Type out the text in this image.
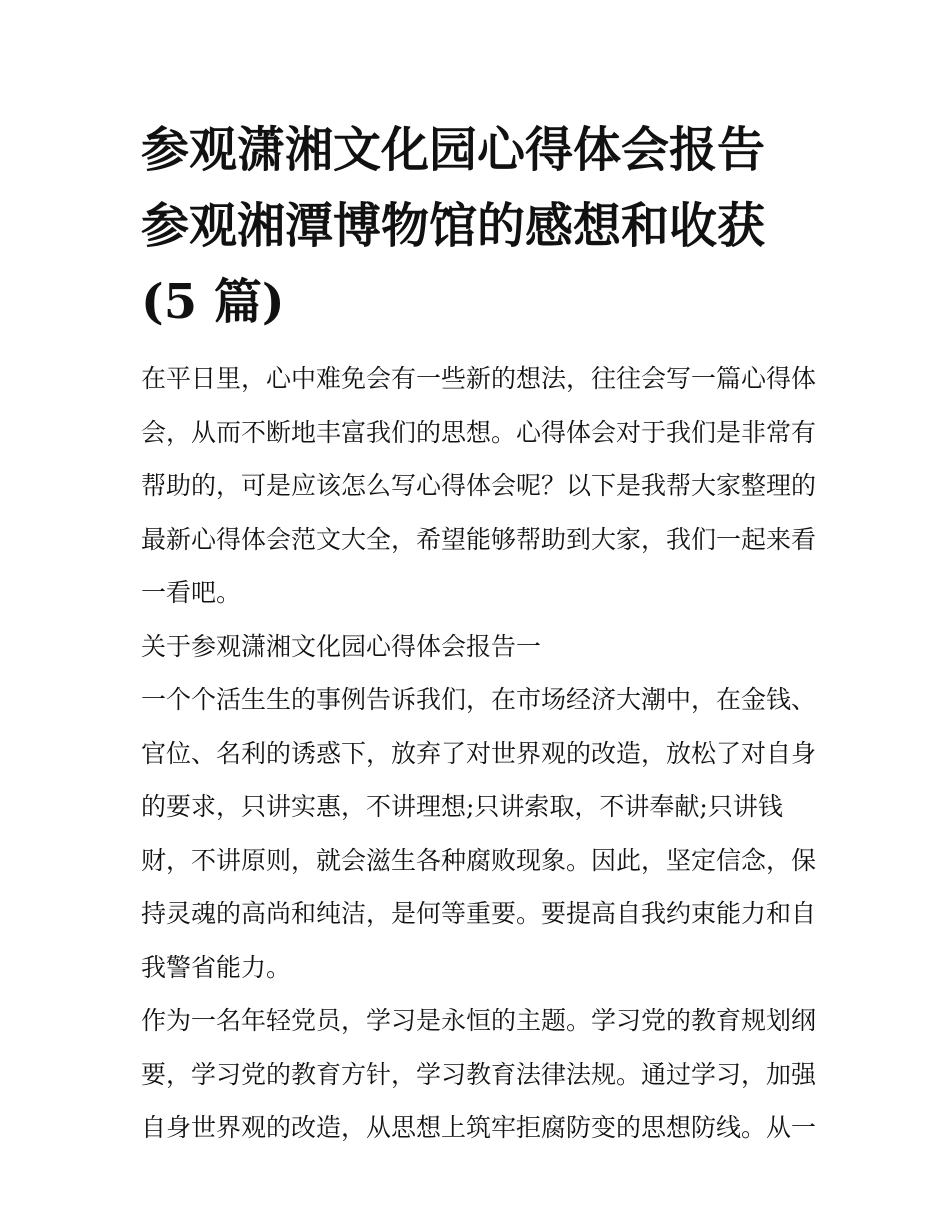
参观潇湘文化园心得体会报告
参观湘潭博物馆的感想和收获
(5 篇)

在平日里，心中难免会有一些新的想法，往往会写一篇心得体
会，从而不断地丰富我们的思想。心得体会对于我们是非常有
帮助的，可是应该怎么写心得体会呢？以下是我帮大家整理的
最新心得体会范文大全，希望能够帮助到大家，我们一起来看
一看吧。

关于参观潇湘文化园心得体会报告一

一个个活生生的事例告诉我们，在市场经济大潮中，在金钱、
官位、名利的诱惑下，放弃了对世界观的改造，放松了对自身
的要求，只讲实惠，不讲理想;只讲索取，不讲奉献;只讲钱
财，不讲原则，就会滋生各种腐败现象。因此，坚定信念，保
持灵魂的高尚和纯洁，是何等重要。要提高自我约束能力和自
我警省能力。

作为一名年轻党员，学习是永恒的主题。学习党的教育规划纲
要，学习党的教育方针，学习教育法律法规。通过学习，加强
自身世界观的改造，从思想上筑牢拒腐防变的思想防线。从一
